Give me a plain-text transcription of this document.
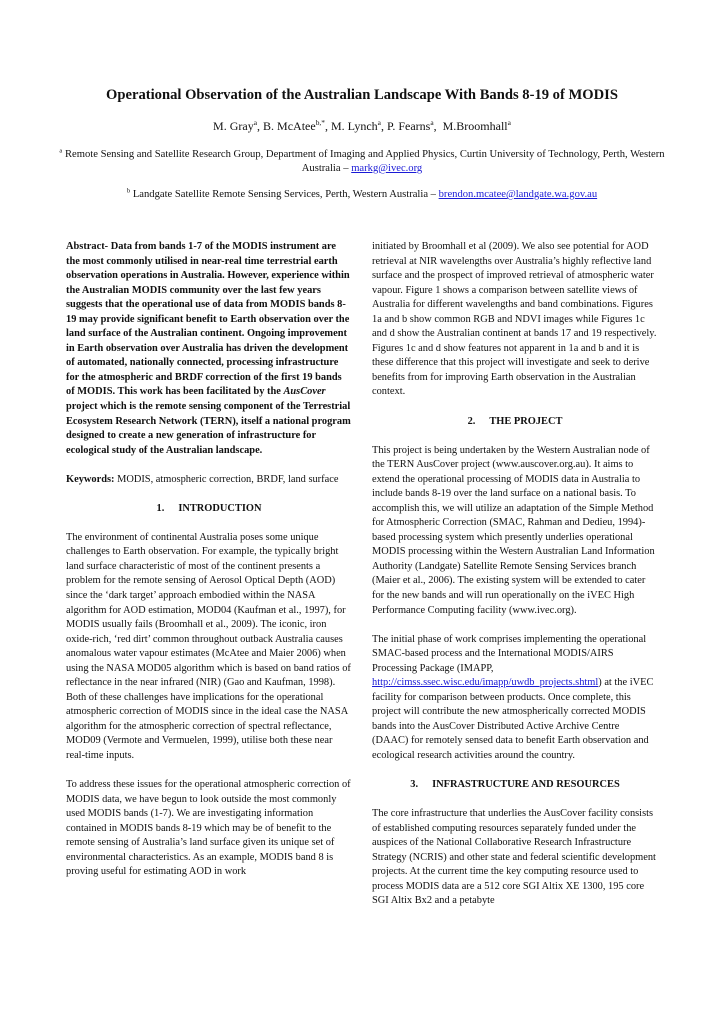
Operational Observation of the Australian Landscape With Bands 8-19 of MODIS
M. Gray$^a$, B. McAtee$^{b,*}$, M. Lynch$^a$, P. Fearns$^a$,  M.Broomhall$^a$
$^a$ Remote Sensing and Satellite Research Group, Department of Imaging and Applied Physics, Curtin University of Technology, Perth, Western Australia – markg@ivec.org
$^b$ Landgate Satellite Remote Sensing Services, Perth, Western Australia – brendon.mcatee@landgate.wa.gov.au

Abstract- Data from bands 1-7 of the MODIS instrument are the most commonly utilised in near-real time terrestrial earth observation operations in Australia. However, experience within the Australian MODIS community over the last few years suggests that the operational use of data from MODIS bands 8-19 may provide significant benefit to Earth observation over the land surface of the Australian continent. Ongoing improvement in Earth observation over Australia has driven the development of automated, nationally connected, processing infrastructure for the atmospheric and BRDF correction of the first 19 bands of MODIS. This work has been facilitated by the AusCover project which is the remote sensing component of the Terrestrial Ecosystem Research Network (TERN), itself a national program designed to create a new generation of infrastructure for ecological study of the Australian landscape.

Keywords: MODIS, atmospheric correction, BRDF, land surface

1. INTRODUCTION

The environment of continental Australia poses some unique challenges to Earth observation. For example, the typically bright land surface characteristic of most of the continent presents a problem for the remote sensing of Aerosol Optical Depth (AOD) since the ‘dark target’ approach embodied within the NASA algorithm for AOD estimation, MOD04 (Kaufman et al., 1997), for MODIS usually fails (Broomhall et al., 2009). The iconic, iron oxide-rich, ‘red dirt’ common throughout outback Australia causes anomalous water vapour estimates (McAtee and Maier 2006) when using the NASA MOD05 algorithm which is based on band ratios of reflectance in the near infrared (NIR) (Gao and Kaufman, 1998). Both of these challenges have implications for the operational atmospheric correction of MODIS since in the ideal case the NASA algorithm for the atmospheric correction of spectral reflectance, MOD09 (Vermote and Vermuelen, 1999), utilise both these near real-time inputs.

To address these issues for the operational atmospheric correction of MODIS data, we have begun to look outside the most commonly used MODIS bands (1-7). We are investigating information contained in MODIS bands 8-19 which may be of benefit to the remote sensing of Australia’s land surface given its unique set of environmental characteristics. As an example, MODIS band 8 is proving useful for estimating AOD in work

initiated by Broomhall et al (2009). We also see potential for AOD retrieval at NIR wavelengths over Australia’s highly reflective land surface and the prospect of improved retrieval of atmospheric water vapour. Figure 1 shows a comparison between satellite views of Australia for different wavelengths and band combinations. Figures 1a and b show common RGB and NDVI images while Figures 1c and d show the Australian continent at bands 17 and 19 respectively. Figures 1c and d show features not apparent in 1a and b and it is these difference that this project will investigate and seek to derive benefits from for improving Earth observation in the Australian context.

2. THE PROJECT

This project is being undertaken by the Western Australian node of the TERN AusCover project (www.auscover.org.au). It aims to extend the operational processing of MODIS data in Australia to include bands 8-19 over the land surface on a national basis. To accomplish this, we will utilize an adaptation of the Simple Method for Atmospheric Correction (SMAC, Rahman and Dedieu, 1994)-based processing system which presently underlies operational MODIS processing within the Western Australian Land Information Authority (Landgate) Satellite Remote Sensing Services branch (Maier et al., 2006). The existing system will be extended to cater for the new bands and will run operationally on the iVEC High Performance Computing facility (www.ivec.org).

The initial phase of work comprises implementing the operational SMAC-based process and the International MODIS/AIRS Processing Package (IMAPP, http://cimss.ssec.wisc.edu/imapp/uwdb_projects.shtml) at the iVEC facility for comparison between products. Once complete, this project will contribute the new atmospherically corrected MODIS bands into the AusCover Distributed Active Archive Centre (DAAC) for remotely sensed data to benefit Earth observation and ecological research activities around the country.

3. INFRASTRUCTURE AND RESOURCES

The core infrastructure that underlies the AusCover facility consists of established computing resources separately funded under the auspices of the National Collaborative Research Infrastructure Strategy (NCRIS) and other state and federal scientific development projects. At the current time the key computing resource used to process MODIS data are a 512 core SGI Altix XE 1300, 195 core SGI Altix Bx2 and a petabyte
